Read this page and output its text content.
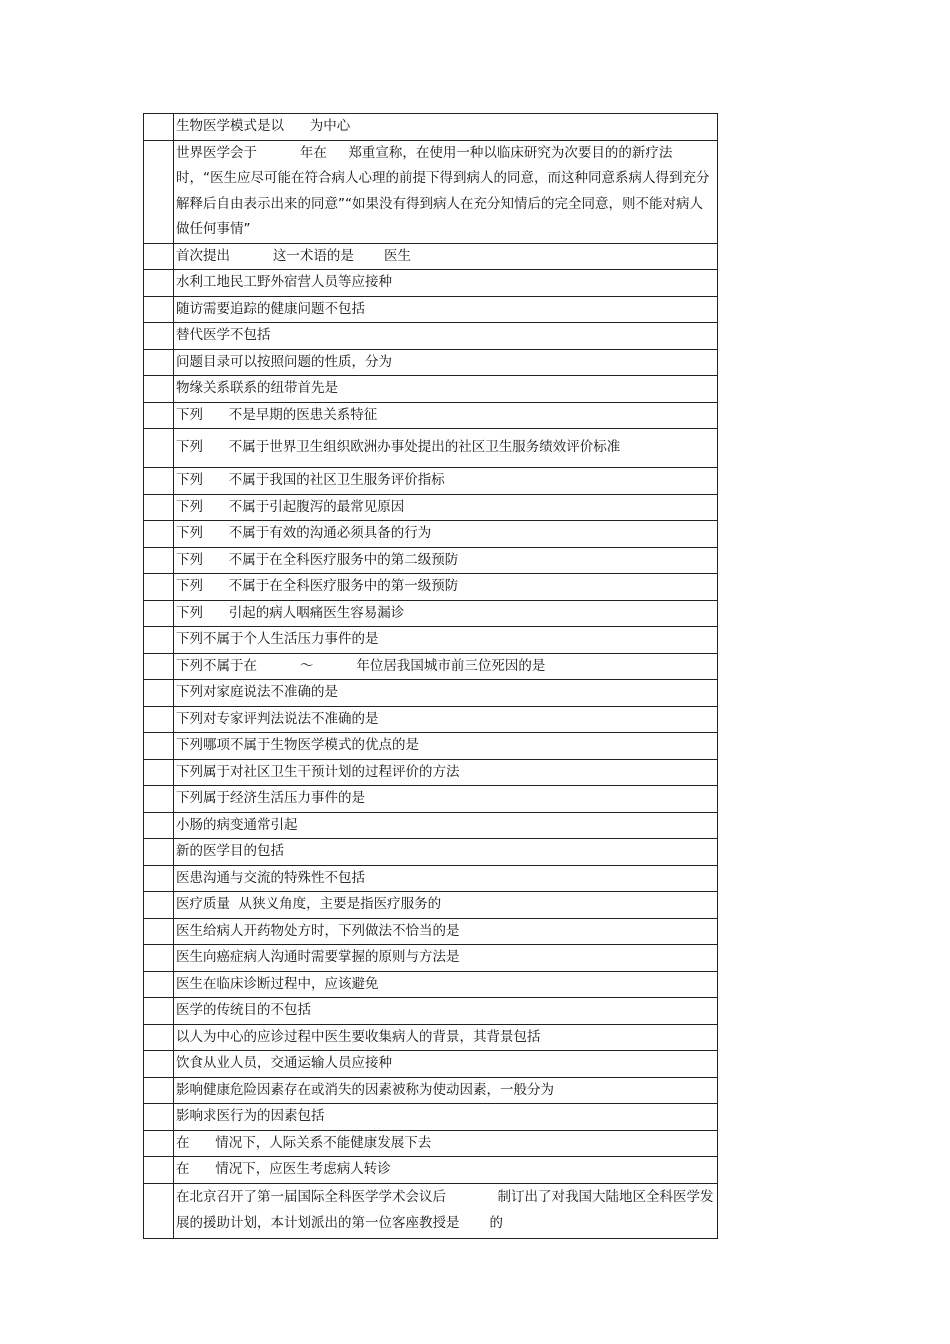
	生物医学模式是以      为中心
	世界医学会于          年在     郑重宣称，在使用一种以临床研究为次要目的的新疗法时，“医生应尽可能在符合病人心理的前提下得到病人的同意，而这种同意系病人得到充分解释后自由表示出来的同意”“如果没有得到病人在充分知情后的完全同意，则不能对病人做任何事情”
	首次提出          这一术语的是       医生
	水利工地民工野外宿营人员等应接种
	随访需要追踪的健康问题不包括
	替代医学不包括
	问题目录可以按照问题的性质，分为
	物缘关系联系的纽带首先是
	下列      不是早期的医患关系特征
	下列      不属于世界卫生组织欧洲办事处提出的社区卫生服务绩效评价标准
	下列      不属于我国的社区卫生服务评价指标
	下列      不属于引起腹泻的最常见原因
	下列      不属于有效的沟通必须具备的行为
	下列      不属于在全科医疗服务中的第二级预防
	下列      不属于在全科医疗服务中的第一级预防
	下列      引起的病人咽痛医生容易漏诊
	下列不属于个人生活压力事件的是
	下列不属于在          ～          年位居我国城市前三位死因的是
	下列对家庭说法不准确的是
	下列对专家评判法说法不准确的是
	下列哪项不属于生物医学模式的优点的是
	下列属于对社区卫生干预计划的过程评价的方法
	下列属于经济生活压力事件的是
	小肠的病变通常引起
	新的医学目的包括
	医患沟通与交流的特殊性不包括
	医疗质量  从狭义角度，主要是指医疗服务的
	医生给病人开药物处方时，下列做法不恰当的是
	医生向癌症病人沟通时需要掌握的原则与方法是
	医生在临床诊断过程中，应该避免
	医学的传统目的不包括
	以人为中心的应诊过程中医生要收集病人的背景，其背景包括
	饮食从业人员，交通运输人员应接种
	影响健康危险因素存在或消失的因素被称为使动因素，一般分为
	影响求医行为的因素包括
	在      情况下，人际关系不能健康发展下去
	在      情况下，应医生考虑病人转诊
	在北京召开了第一届国际全科医学学术会议后            制订出了对我国大陆地区全科医学发展的援助计划，本计划派出的第一位客座教授是       的
